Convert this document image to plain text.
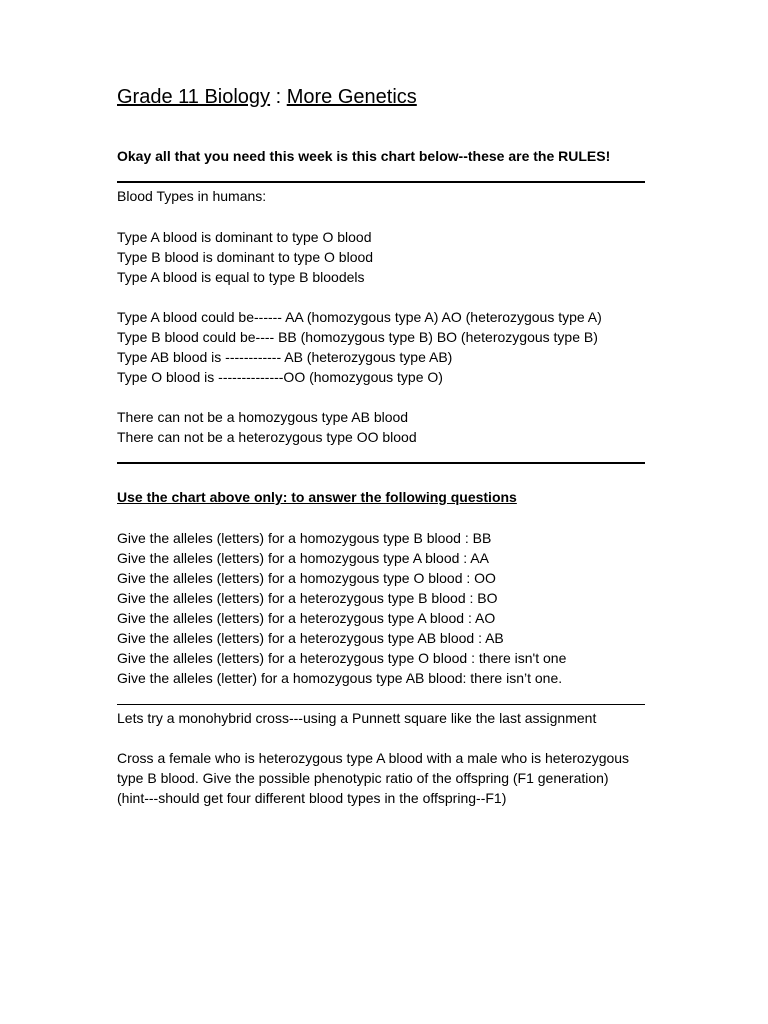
Grade 11 Biology : More Genetics
Okay all that you need this week is this chart below--these are the RULES!
Blood Types in humans:
Type A blood is dominant to type O blood
Type B blood is dominant to type O blood
Type A blood is equal to type B bloodels
Type A blood could be------ AA (homozygous type A) AO (heterozygous type A)
Type B blood could be---- BB (homozygous type B) BO (heterozygous type B)
Type AB blood is ------------ AB (heterozygous type AB)
Type O blood is --------------OO (homozygous type O)
There can not be a homozygous type AB blood
There can not be a heterozygous type OO blood
Use the chart above only: to answer the following questions
Give the alleles (letters) for a homozygous type B blood : BB
Give the alleles (letters) for a homozygous type A blood : AA
Give the alleles (letters) for a homozygous type O blood : OO
Give the alleles (letters) for a heterozygous type B blood : BO
Give the alleles (letters) for a heterozygous type A blood : AO
Give the alleles (letters) for a heterozygous type AB blood : AB
Give the alleles (letters) for a heterozygous type O blood : there isn't one
Give the alleles (letter) for a homozygous type AB blood: there isn’t one.
Lets try a monohybrid cross---using a Punnett square like the last assignment
Cross a female who is heterozygous type A blood with a male who is heterozygous
type B blood. Give the possible phenotypic ratio of the offspring (F1 generation)
(hint---should get four different blood types in the offspring--F1)
